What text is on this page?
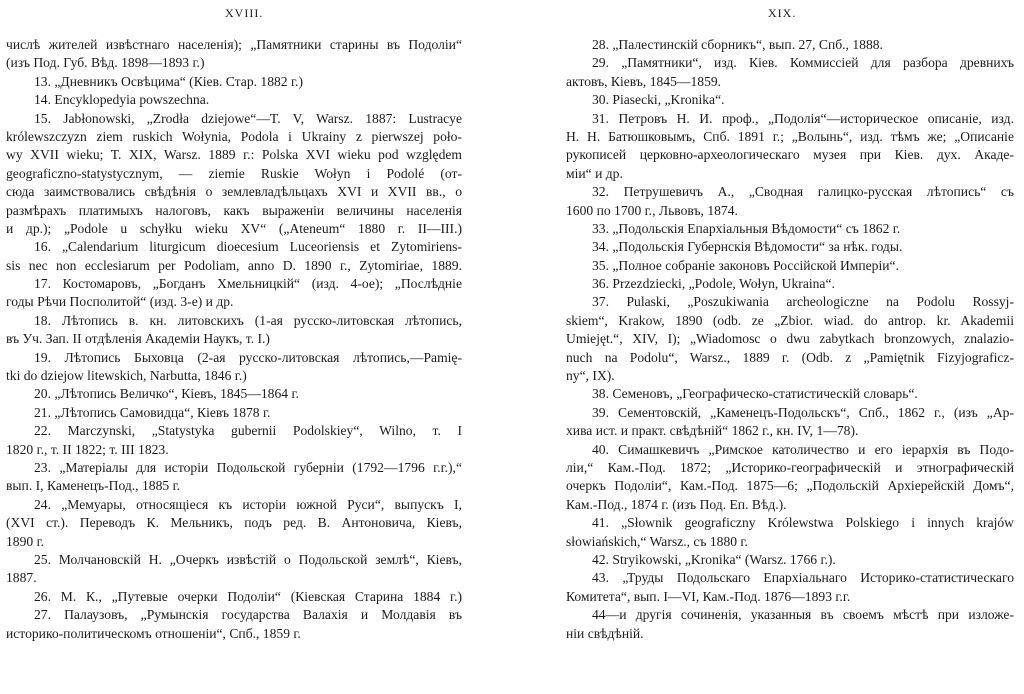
XVIII.
числѣ жителей извѣстнаго населенія); „Памятники старины въ Подоліи“
(изъ Под. Губ. Вѣд. 1898—1893 г.)
13. „Дневникъ Освѣцима“ (Кіев. Стар. 1882 г.)
14. Encyklopedyia powszechna.
15. Jabłonowski, „Zrodła dziejowe“—T. V, Warsz. 1887: Lustracye
królewszczyzn ziem ruskich Wołynia, Podola i Ukrainy z pierwszej poło-
wy XVII wieku; T. XIX, Warsz. 1889 г.: Polska XVI wieku pod względem
geograficzno-statystycznym, — ziemie Ruskie Wołyn i Podolé (от-
сюда заимствовались свѣдѣнія о землевладѣльцахъ XVI и XVII вв., о
размѣрахъ платимыхъ налоговъ, какъ выраженіи величины населенія
и др.); „Podole u schyłku wieku XV“ („Ateneum“ 1880 г. II—III.)
16. „Calendarium liturgicum dioecesium Luceoriensis et Zytomiriens-
sis nec non ecclesiarum per Podoliam, anno D. 1890 г., Zytomiriae, 1889.
17. Костомаровъ, „Богданъ Хмельницкій“ (изд. 4-ое); „Послѣдніе
годы Рѣчи Посполитой“ (изд. 3-е) и др.
18. Лѣтопись в. кн. литовскихъ (1-ая русско-литовская лѣтопись,
въ Уч. Зап. II отдѣленія Академіи Наукъ, т. I.)
19. Лѣтопись Быховца (2-ая русско-литовская лѣтопись,—Pamię-
tki do dziejow litewskich, Narbutta, 1846 г.)
20. „Лѣтопись Величко“, Кіевъ, 1845—1864 г.
21. „Лѣтопись Самовидца“, Кіевъ 1878 г.
22. Marczynski, „Statystyka gubernii Podolskiey“, Wilno, т. I
1820 г., т. II 1822; т. III 1823.
23. „Матеріалы для исторіи Подольской губерніи (1792—1796 г.г.),“
вып. I, Каменецъ-Под., 1885 г.
24. „Мемуары, относящіеся къ исторіи южной Руси“, выпускъ I,
(XVI ст.). Переводъ К. Мельникъ, подъ ред. В. Антоновича, Кіевъ,
1890 г.
25. Молчановскій Н. „Очеркъ извѣстій о Подольской землѣ“, Кіевъ,
1887.
26. М. К., „Путевые очерки Подоліи“ (Кіевская Старина 1884 г.)
27. Палаузовъ, „Румынскія государства Валахія и Молдавія въ
историко-политическомъ отношеніи“, Спб., 1859 г.
XIX.
28. „Палестинскій сборникъ“, вып. 27, Спб., 1888.
29. „Памятники“, изд. Кіев. Коммиссіей для разбора древнихъ
актовъ, Кіевъ, 1845—1859.
30. Piasecki, „Kronika“.
31. Петровъ Н. И. проф., „Подолія“—историческое описаніе, изд.
Н. Н. Батюшковымъ, Спб. 1891 г.; „Волынь“, изд. тѣмъ же; „Описаніе
рукописей церковно-археологическаго музея при Кіев. дух. Акаде-
міи“ и др.
32. Петрушевичъ А., „Сводная галицко-русская лѣтопись“ съ
1600 по 1700 г., Львовъ, 1874.
33. „Подольскія Епархіальныя Вѣдомости“ съ 1862 г.
34. „Подольскія Губернскія Вѣдомости“ за нѣк. годы.
35. „Полное собраніе законовъ Россійской Имперіи“.
36. Przezdziecki, „Podole, Wołyn, Ukraina“.
37. Pulaski, „Poszukiwania archeologiczne na Podolu Rossyj-
skiem“, Krakow, 1890 (odb. ze „Zbior. wiad. do antrop. kr. Akademii
Umiejęt.“, XIV, I); „Wiadomosc o dwu zabytkach bronzowych, znalazio-
nuch na Podolu“, Warsz., 1889 г. (Odb. z „Pamiętnik Fizyjograficz-
ny“, IX).
38. Семеновъ, „Географическо-статистическій словарь“.
39. Сементовскій, „Каменецъ-Подольскъ“, Спб., 1862 г., (изъ „Ар-
хива ист. и практ. свѣдѣній“ 1862 г., кн. IV, 1—78).
40. Симашкевичъ „Римское католичество и его іерархія въ Подо-
ліи,“ Кам.-Под. 1872; „Историко-географическій и этнографическій
очеркъ Подоліи“, Кам.-Под. 1875—6; „Подольскій Архіерейскій Домъ“,
Кам.-Под., 1874 г. (изъ Под. Еп. Вѣд.).
41. „Słownik geograficzny Królewstwa Polskiego i innych krajów
słowiańskich,“ Warsz., съ 1880 г.
42. Stryikowski, „Kronika“ (Warsz. 1766 г.).
43. „Труды Подольскаго Епархіальнаго Историко-статистическаго
Комитета“, вып. I—VI, Кам.-Под. 1876—1893 г.г.
44—и другія сочиненія, указанныя въ своемъ мѣстѣ при изложе-
ніи свѣдѣній.
